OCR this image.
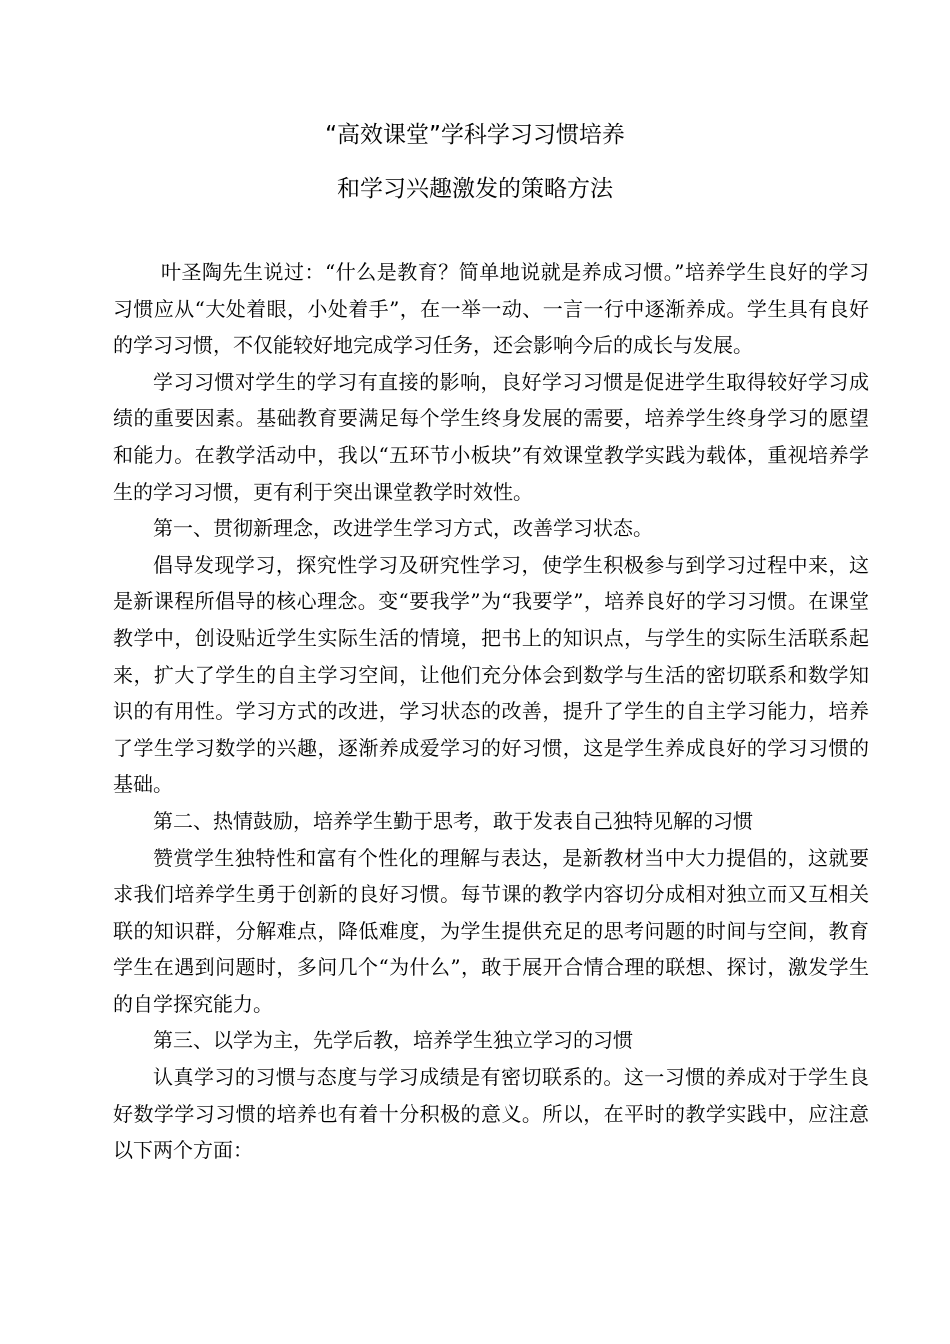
“高效课堂”学科学习习惯培养
和学习兴趣激发的策略方法

叶圣陶先生说过：“什么是教育？简单地说就是养成习惯。”培养学生良好的学习习惯应从“大处着眼，小处着手”，在一举一动、一言一行中逐渐养成。学生具有良好的学习习惯，不仅能较好地完成学习任务，还会影响今后的成长与发展。

学习习惯对学生的学习有直接的影响，良好学习习惯是促进学生取得较好学习成绩的重要因素。基础教育要满足每个学生终身发展的需要，培养学生终身学习的愿望和能力。在教学活动中，我以“五环节小板块”有效课堂教学实践为载体，重视培养学生的学习习惯，更有利于突出课堂教学时效性。

第一、贯彻新理念，改进学生学习方式，改善学习状态。

倡导发现学习，探究性学习及研究性学习，使学生积极参与到学习过程中来，这是新课程所倡导的核心理念。变“要我学”为“我要学”，培养良好的学习习惯。在课堂教学中，创设贴近学生实际生活的情境，把书上的知识点，与学生的实际生活联系起来，扩大了学生的自主学习空间，让他们充分体会到数学与生活的密切联系和数学知识的有用性。学习方式的改进，学习状态的改善，提升了学生的自主学习能力，培养了学生学习数学的兴趣，逐渐养成爱学习的好习惯，这是学生养成良好的学习习惯的基础。

第二、热情鼓励，培养学生勤于思考，敢于发表自己独特见解的习惯

赞赏学生独特性和富有个性化的理解与表达，是新教材当中大力提倡的，这就要求我们培养学生勇于创新的良好习惯。每节课的教学内容切分成相对独立而又互相关联的知识群，分解难点，降低难度，为学生提供充足的思考问题的时间与空间，教育学生在遇到问题时，多问几个“为什么”，敢于展开合情合理的联想、探讨，激发学生的自学探究能力。

第三、以学为主，先学后教，培养学生独立学习的习惯

认真学习的习惯与态度与学习成绩是有密切联系的。这一习惯的养成对于学生良好数学学习习惯的培养也有着十分积极的意义。所以，在平时的教学实践中，应注意以下两个方面：
